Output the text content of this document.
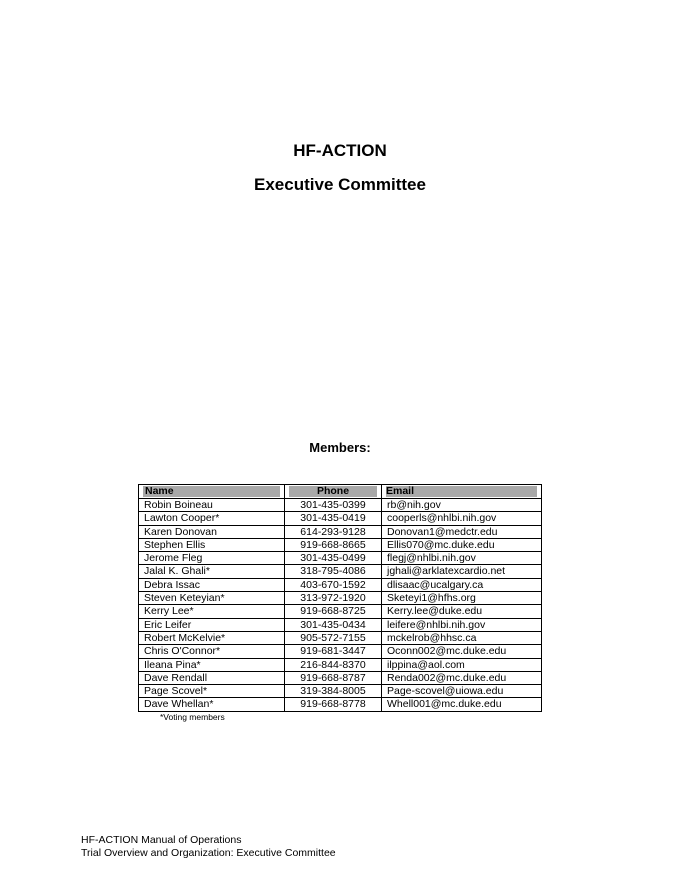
HF-ACTION
Executive Committee
Members:
Name	Phone	Email

Robin Boineau	301-435-0399	rb@nih.gov
Lawton Cooper*	301-435-0419	cooperls@nhlbi.nih.gov
Karen Donovan	614-293-9128	Donovan1@medctr.edu
Stephen Ellis	919-668-8665	Ellis070@mc.duke.edu
Jerome Fleg	301-435-0499	flegj@nhlbi.nih.gov
Jalal K. Ghali*	318-795-4086	jghali@arklatexcardio.net
Debra Issac	403-670-1592	dlisaac@ucalgary.ca
Steven Keteyian*	313-972-1920	Sketeyi1@hfhs.org
Kerry Lee*	919-668-8725	Kerry.lee@duke.edu
Eric Leifer	301-435-0434	leifere@nhlbi.nih.gov
Robert McKelvie*	905-572-7155	mckelrob@hhsc.ca
Chris O'Connor*	919-681-3447	Oconn002@mc.duke.edu
Ileana Pina*	216-844-8370	ilppina@aol.com
Dave Rendall	919-668-8787	Renda002@mc.duke.edu
Page Scovel*	319-384-8005	Page-scovel@uiowa.edu
Dave Whellan*	919-668-8778	Whell001@mc.duke.edu
*Voting members
HF-ACTION Manual of Operations
Trial Overview and Organization: Executive Committee
